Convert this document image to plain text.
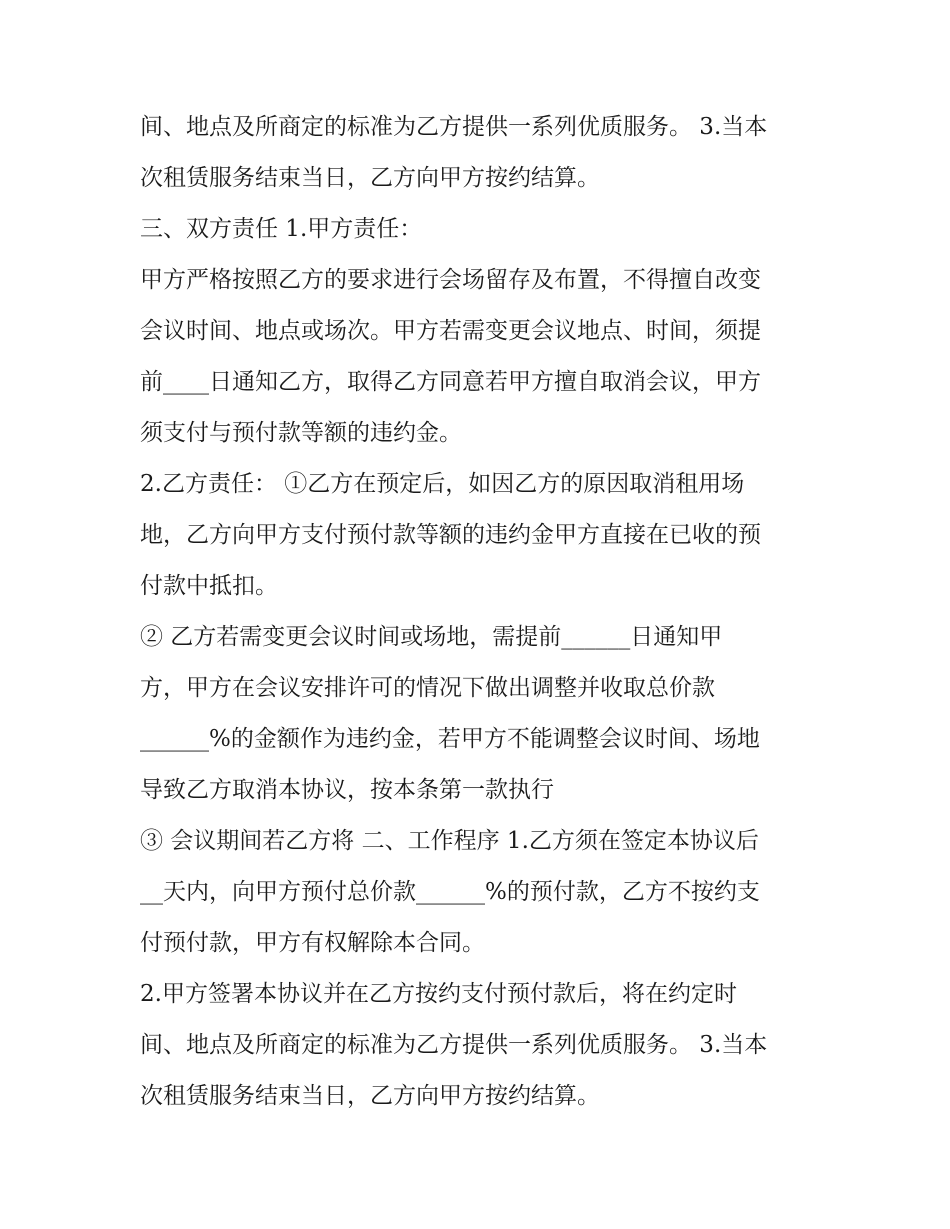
间、地点及所商定的标准为乙方提供一系列优质服务。 3.当本
次租赁服务结束当日，乙方向甲方按约结算。
三、双方责任 1.甲方责任：
甲方严格按照乙方的要求进行会场留存及布置，不得擅自改变
会议时间、地点或场次。甲方若需变更会议地点、时间，须提
前____日通知乙方，取得乙方同意若甲方擅自取消会议，甲方
须支付与预付款等额的违约金。
2.乙方责任： ①乙方在预定后，如因乙方的原因取消租用场
地，乙方向甲方支付预付款等额的违约金甲方直接在已收的预
付款中抵扣。
② 乙方若需变更会议时间或场地，需提前______日通知甲
方，甲方在会议安排许可的情况下做出调整并收取总价款
______%的金额作为违约金，若甲方不能调整会议时间、场地
导致乙方取消本协议，按本条第一款执行
③ 会议期间若乙方将 二、工作程序 1.乙方须在签定本协议后
__天内，向甲方预付总价款______%的预付款，乙方不按约支
付预付款，甲方有权解除本合同。
2.甲方签署本协议并在乙方按约支付预付款后，将在约定时
间、地点及所商定的标准为乙方提供一系列优质服务。 3.当本
次租赁服务结束当日，乙方向甲方按约结算。
